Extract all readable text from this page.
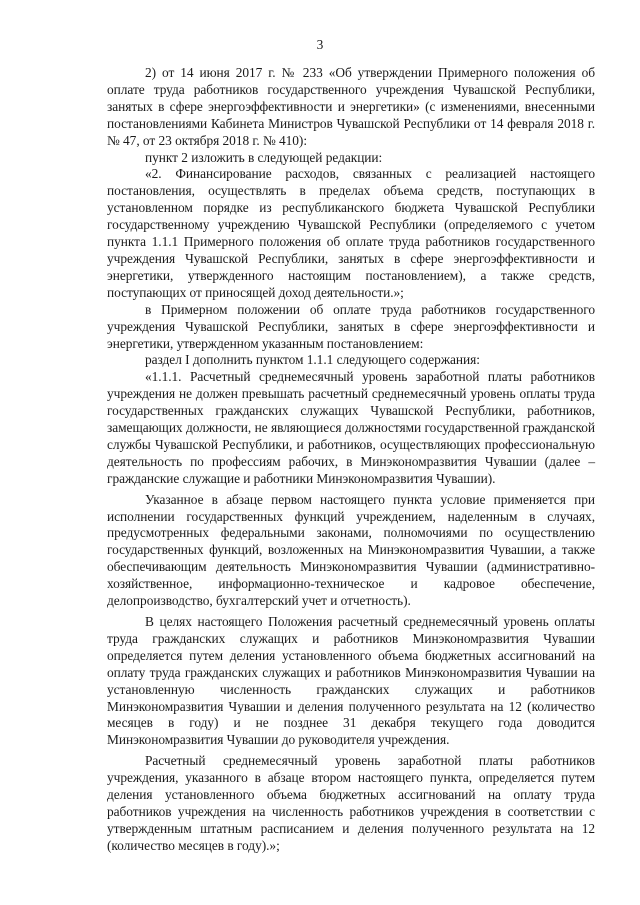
3

2) от 14 июня 2017 г. № 233 «Об утверждении Примерного положения об оплате труда работников государственного учреждения Чувашской Республики, занятых в сфере энергоэффективности и энергетики» (с изменениями, внесенными постановлениями Кабинета Министров Чувашской Республики от 14 февраля 2018 г. № 47, от 23 октября 2018 г. № 410):

пункт 2 изложить в следующей редакции:

«2. Финансирование расходов, связанных с реализацией настоящего постановления, осуществлять в пределах объема средств, поступающих в установленном порядке из республиканского бюджета Чувашской Республики государственному учреждению Чувашской Республики (определяемого с учетом пункта 1.1.1 Примерного положения об оплате труда работников государственного учреждения Чувашской Республики, занятых в сфере энергоэффективности и энергетики, утвержденного настоящим постановлением), а также средств, поступающих от приносящей доход деятельности.»;

в Примерном положении об оплате труда работников государственного учреждения Чувашской Республики, занятых в сфере энергоэффективности и энергетики, утвержденном указанным постановлением:

раздел I дополнить пунктом 1.1.1 следующего содержания:

«1.1.1. Расчетный среднемесячный уровень заработной платы работников учреждения не должен превышать расчетный среднемесячный уровень оплаты труда государственных гражданских служащих Чувашской Республики, работников, замещающих должности, не являющиеся должностями государственной гражданской службы Чувашской Республики, и работников, осуществляющих профессиональную деятельность по профессиям рабочих, в Минэкономразвития Чувашии (далее – гражданские служащие и работники Минэкономразвития Чувашии).

Указанное в абзаце первом настоящего пункта условие применяется при исполнении государственных функций учреждением, наделенным в случаях, предусмотренных федеральными законами, полномочиями по осуществлению государственных функций, возложенных на Минэкономразвития Чувашии, а также обеспечивающим деятельность Минэкономразвития Чувашии (административно-хозяйственное, информационно-техническое и кадровое обеспечение, делопроизводство, бухгалтерский учет и отчетность).

В целях настоящего Положения расчетный среднемесячный уровень оплаты труда гражданских служащих и работников Минэкономразвития Чувашии определяется путем деления установленного объема бюджетных ассигнований на оплату труда гражданских служащих и работников Минэкономразвития Чувашии на установленную численность гражданских служащих и работников Минэкономразвития Чувашии и деления полученного результата на 12 (количество месяцев в году) и не позднее 31 декабря текущего года доводится Минэкономразвития Чувашии до руководителя учреждения.

Расчетный среднемесячный уровень заработной платы работников учреждения, указанного в абзаце втором настоящего пункта, определяется путем деления установленного объема бюджетных ассигнований на оплату труда работников учреждения на численность работников учреждения в соответствии с утвержденным штатным расписанием и деления полученного результата на 12 (количество месяцев в году).»;
